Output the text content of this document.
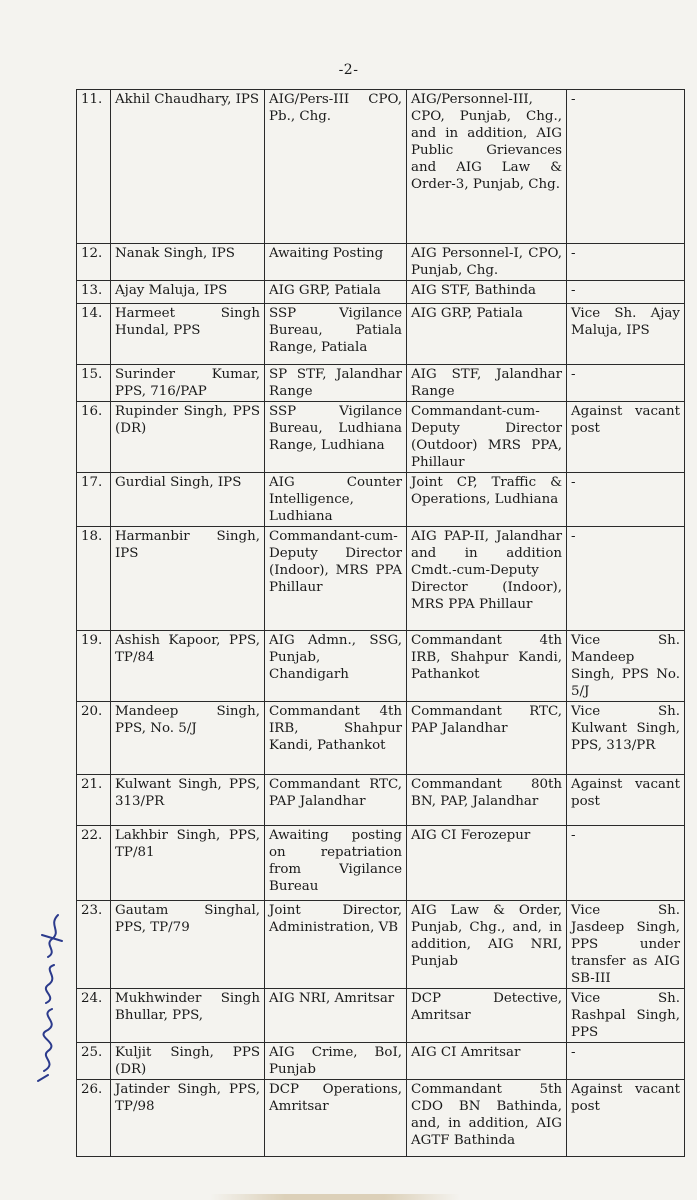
-2-
11.	Akhil Chaudhary, IPS	AIG/Pers-III CPO, Pb., Chg.	AIG/Personnel-III, CPO, Punjab, Chg., and in addition, AIG Public Grievances and AIG Law & Order-3, Punjab, Chg.	-
12.	Nanak Singh, IPS	Awaiting Posting	AIG Personnel-I, CPO, Punjab, Chg.	-
13.	Ajay Maluja, IPS	AIG GRP, Patiala	AIG STF, Bathinda	-
14.	Harmeet Singh Hundal, PPS	SSP Vigilance Bureau, Patiala Range, Patiala	AIG GRP, Patiala	Vice Sh. Ajay Maluja, IPS
15.	Surinder Kumar, PPS, 716/PAP	SP STF, Jalandhar Range	AIG STF, Jalandhar Range	-
16.	Rupinder Singh, PPS (DR)	SSP Vigilance Bureau, Ludhiana Range, Ludhiana	Commandant-cum-Deputy Director (Outdoor) MRS PPA, Phillaur	Against vacant post
17.	Gurdial Singh, IPS	AIG Counter Intelligence, Ludhiana	Joint CP, Traffic & Operations, Ludhiana	-
18.	Harmanbir Singh, IPS	Commandant-cum-Deputy Director (Indoor), MRS PPA Phillaur	AIG PAP-II, Jalandhar and in addition Cmdt.-cum-Deputy Director (Indoor), MRS PPA Phillaur	-
19.	Ashish Kapoor, PPS, TP/84	AIG Admn., SSG, Punjab, Chandigarh	Commandant 4th IRB, Shahpur Kandi, Pathankot	Vice Sh. Mandeep Singh, PPS No. 5/J
20.	Mandeep Singh, PPS, No. 5/J	Commandant 4th IRB, Shahpur Kandi, Pathankot	Commandant RTC, PAP Jalandhar	Vice Sh. Kulwant Singh, PPS, 313/PR
21.	Kulwant Singh, PPS, 313/PR	Commandant RTC, PAP Jalandhar	Commandant 80th BN, PAP, Jalandhar	Against vacant post
22.	Lakhbir Singh, PPS, TP/81	Awaiting posting on repatriation from Vigilance Bureau	AIG CI Ferozepur	-
23.	Gautam Singhal, PPS, TP/79	Joint Director, Administration, VB	AIG Law & Order, Punjab, Chg., and, in addition, AIG NRI, Punjab	Vice Sh. Jasdeep Singh, PPS under transfer as AIG SB-III
24.	Mukhwinder Singh Bhullar, PPS,	AIG NRI, Amritsar	DCP Detective, Amritsar	Vice Sh. Rashpal Singh, PPS
25.	Kuljit Singh, PPS (DR)	AIG Crime, BoI, Punjab	AIG CI Amritsar	-
26.	Jatinder Singh, PPS, TP/98	DCP Operations, Amritsar	Commandant 5th CDO BN Bathinda, and, in addition, AIG AGTF Bathinda	Against vacant post
